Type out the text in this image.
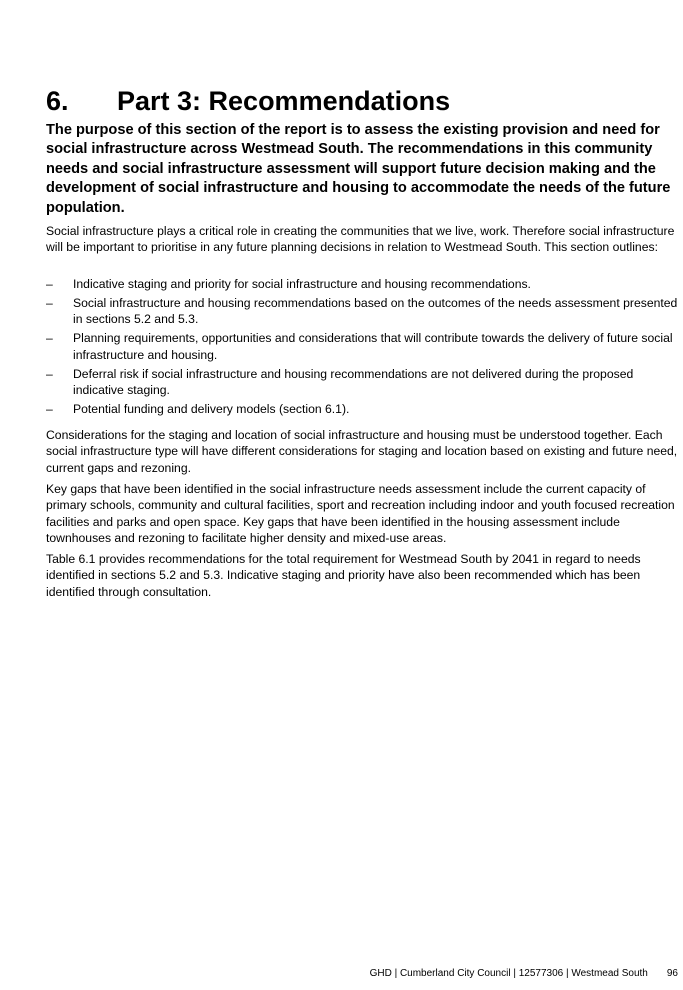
6. Part 3: Recommendations

The purpose of this section of the report is to assess the existing provision and need for social infrastructure across Westmead South. The recommendations in this community needs and social infrastructure assessment will support future decision making and the development of social infrastructure and housing to accommodate the needs of the future population.

Social infrastructure plays a critical role in creating the communities that we live, work. Therefore social infrastructure will be important to prioritise in any future planning decisions in relation to Westmead South. This section outlines:

– Indicative staging and priority for social infrastructure and housing recommendations.
– Social infrastructure and housing recommendations based on the outcomes of the needs assessment presented in sections 5.2 and 5.3.
– Planning requirements, opportunities and considerations that will contribute towards the delivery of future social infrastructure and housing.
– Deferral risk if social infrastructure and housing recommendations are not delivered during the proposed indicative staging.
– Potential funding and delivery models (section 6.1).

Considerations for the staging and location of social infrastructure and housing must be understood together. Each social infrastructure type will have different considerations for staging and location based on existing and future need, current gaps and rezoning.

Key gaps that have been identified in the social infrastructure needs assessment include the current capacity of primary schools, community and cultural facilities, sport and recreation including indoor and youth focused recreation facilities and parks and open space. Key gaps that have been identified in the housing assessment include townhouses and rezoning to facilitate higher density and mixed-use areas.

Table 6.1 provides recommendations for the total requirement for Westmead South by 2041 in regard to needs identified in sections 5.2 and 5.3. Indicative staging and priority have also been recommended which has been identified through consultation.

GHD | Cumberland City Council | 12577306 | Westmead South 96
